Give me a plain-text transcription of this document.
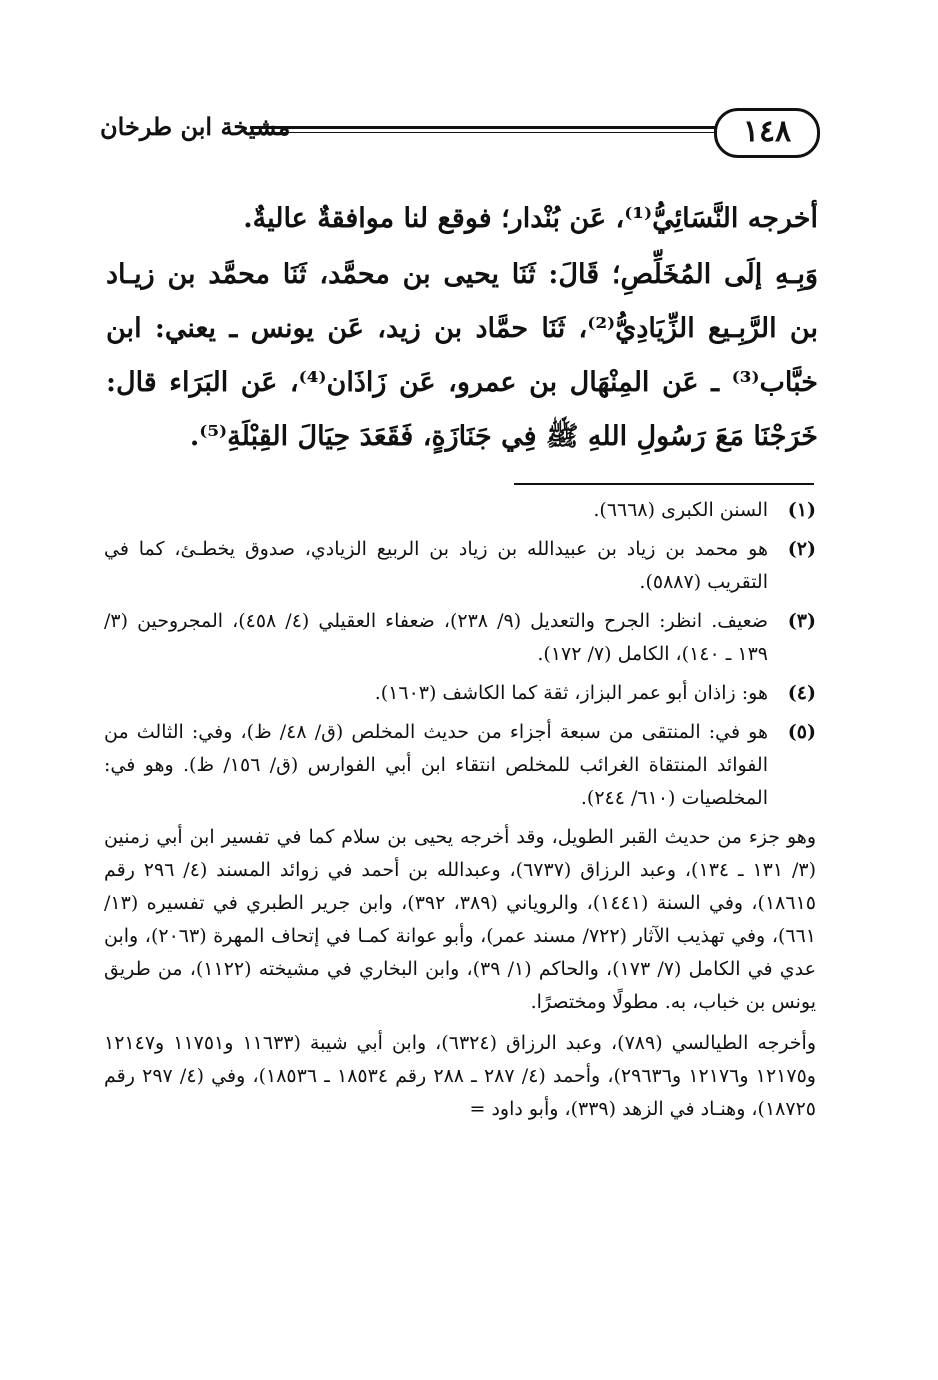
١٤٨
مشيخة ابن طرخان

أخرجه النَّسَائِيُّ⁽¹⁾، عَن بُنْدار؛ فوقع لنا موافقةٌ عاليةٌ.

وَبِـهِ إلَى المُخَلِّصِ؛ قَالَ: ثَنَا يحيى بن محمَّد، ثَنَا محمَّد بن زيـاد بن الرَّبِـيع الزِّيَادِيُّ⁽²⁾، ثَنَا حمَّاد بن زيد، عَن يونس ـ يعني: ابن خبَّاب⁽³⁾ ـ عَن المِنْهَال بن عمرو، عَن زَاذَان⁽⁴⁾، عَن البَرَاء قال: خَرَجْنَا مَعَ رَسُولِ اللهِ ﷺ فِي جَنَازَةٍ، فَقَعَدَ حِيَالَ القِبْلَةِ⁽⁵⁾.

(١)
السنن الكبرى (٦٦٦٨).
(٢)
هو محمد بن زياد بن عبيدالله بن زياد بن الربيع الزيادي، صدوق يخطـئ، كما في التقريب (٥٨٨٧).
(٣)
ضعيف. انظر: الجرح والتعديل (٩/ ٢٣٨)، ضعفاء العقيلي (٤/ ٤٥٨)، المجروحين (٣/ ١٣٩ ـ ١٤٠)، الكامل (٧/ ١٧٢).
(٤)
هو: زاذان أبو عمر البزاز، ثقة كما الكاشف (١٦٠٣).
(٥)
هو في: المنتقى من سبعة أجزاء من حديث المخلص (ق/ ٤٨/ ظ)، وفي: الثالث من الفوائد المنتقاة الغرائب للمخلص انتقاء ابن أبي الفوارس (ق/ ١٥٦/ ظ). وهو في: المخلصيات (٦١٠/ ٢٤٤).

وهو جزء من حديث القبر الطويل، وقد أخرجه يحيى بن سلام كما في تفسير ابن أبي زمنين (٣/ ١٣١ ـ ١٣٤)، وعبد الرزاق (٦٧٣٧)، وعبدالله بن أحمد في زوائد المسند (٤/ ٢٩٦ رقم ١٨٦١٥)، وفي السنة (١٤٤١)، والروياني (٣٨٩، ٣٩٢)، وابن جرير الطبري في تفسيره (١٣/ ٦٦١)، وفي تهذيب الآثار (٧٢٢/ مسند عمر)، وأبو عوانة كمـا في إتحاف المهرة (٢٠٦٣)، وابن عدي في الكامل (٧/ ١٧٣)، والحاكم (١/ ٣٩)، وابن البخاري في مشيخته (١١٢٢)، من طريق يونس بن خباب، به. مطولًا ومختصرًا.

وأخرجه الطيالسي (٧٨٩)، وعبد الرزاق (٦٣٢٤)، وابن أبي شيبة (١١٦٣٣ و١١٧٥١ و١٢١٤٧ و١٢١٧٥ و١٢١٧٦ و٢٩٦٣٦)، وأحمد (٤/ ٢٨٧ ـ ٢٨٨ رقم ١٨٥٣٤ ـ ١٨٥٣٦)، وفي (٤/ ٢٩٧ رقم ١٨٧٢٥)، وهنـاد في الزهد (٣٣٩)، وأبو داود =
